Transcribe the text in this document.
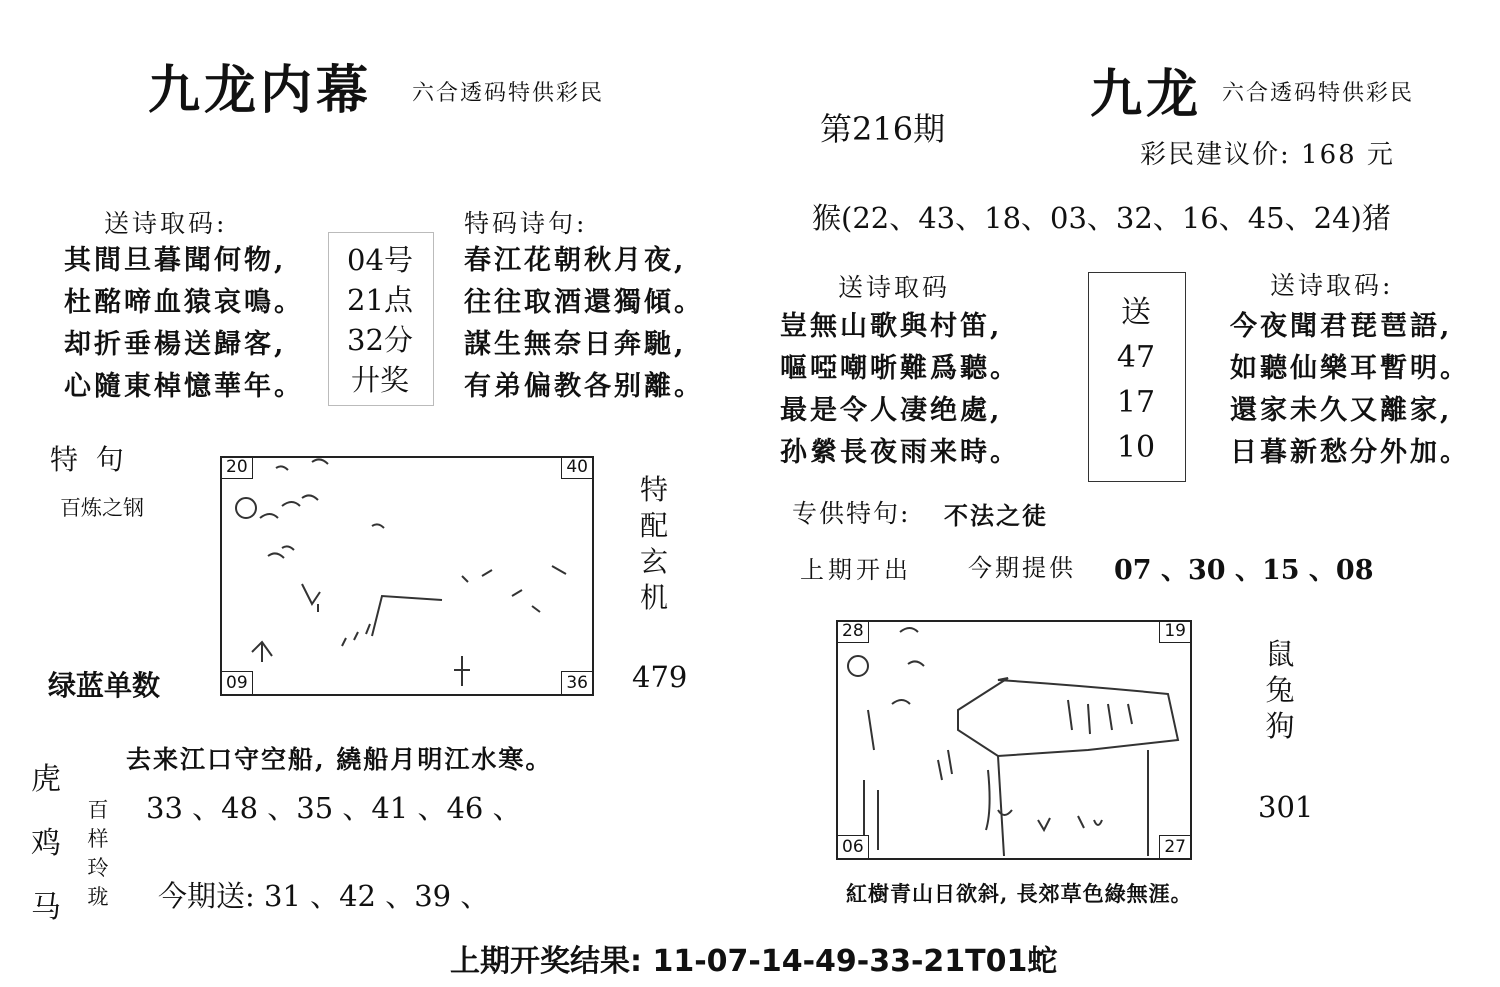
九龙内幕 六合透码特供彩民
送诗取码:
其間旦暮聞何物,
杜酩啼血猿哀鳴。
却折垂楊送歸客,
心隨東棹憶華年。
04号
21点
32分
廾奖
特码诗句:
春江花朝秋月夜,
往往取酒還獨傾。
謀生無奈日奔馳,
有弟偏教各别離。
特  句
百炼之钢
20	40
09	36
特配玄机
479
绿蓝单数
去来江口守空船, 繞船月明江水寒。
虎
鸡
马
百
样
玲
珑
33 、48 、35 、41 、46 、
今期送: 31 、42 、39 、
第216期
九龙 六合透码特供彩民
彩民建议价: 168 元
猴(22、43、18、03、32、16、45、24)猪
送诗取码
豈無山歌與村笛,
嘔啞嘲哳難爲聽。
最是令人凄绝處,
孙縈長夜雨来時。
送
47
17
10
送诗取码:
今夜聞君琵琶語,
如聽仙樂耳暫明。
還家未久又離家,
日暮新愁分外加。
专供特句: 不法之徒
上期开出 今期提供 07 、30 、15 、08
28	19
06	27
鼠
兔
狗
301
紅樹青山日欲斜, 長郊草色綠無涯。
上期开奖结果: 11-07-14-49-33-21T01蛇
